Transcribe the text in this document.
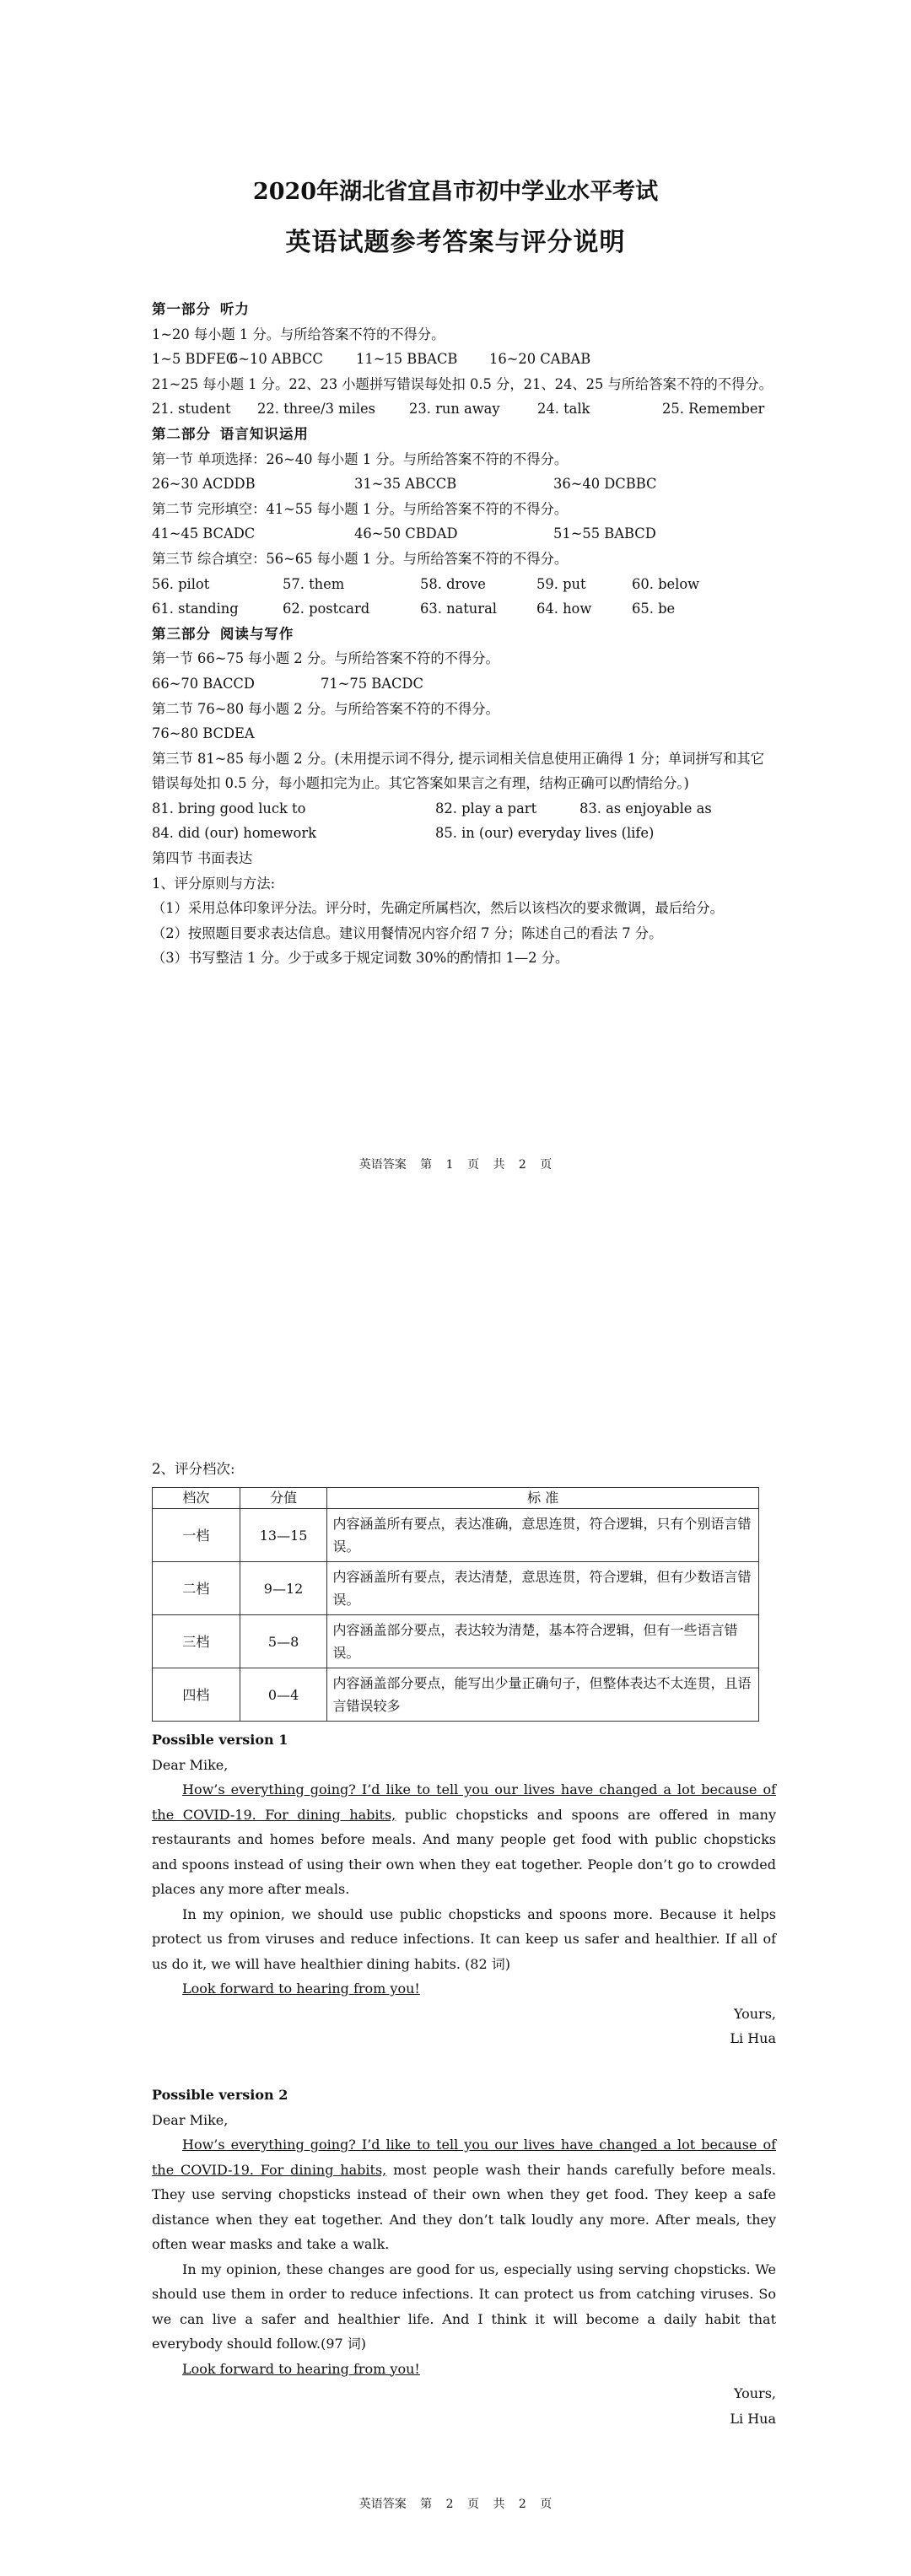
2020年湖北省宜昌市初中学业水平考试
英语试题参考答案与评分说明
第一部分 听力
1~20 每小题 1 分。与所给答案不符的不得分。
1~5 BDFEC
6~10 ABBCC	11~15 BBACB	16~20 CABAB
21~25 每小题 1 分。22、23 小题拼写错误每处扣 0.5 分，21、24、25 与所给答案不符的不得分。
21. student	22. three/3 miles	23. run away	24. talk	25. Remember
第二部分 语言知识运用
第一节 单项选择：26~40 每小题 1 分。与所给答案不符的不得分。
26~30 ACDDB	31~35 ABCCB	36~40 DCBBC
第二节 完形填空：41~55 每小题 1 分。与所给答案不符的不得分。
41~45 BCADC	46~50 CBDAD	51~55 BABCD
第三节 综合填空：56~65 每小题 1 分。与所给答案不符的不得分。
56. pilot	57. them	58. drove	59. put	60. below
61. standing	62. postcard	63. natural	64. how	65. be
第三部分 阅读与写作
第一节 66~75 每小题 2 分。与所给答案不符的不得分。
66~70 BACCD	71~75 BACDC
第二节 76~80 每小题 2 分。与所给答案不符的不得分。
76~80 BCDEA
第三节 81~85 每小题 2 分。(未用提示词不得分, 提示词相关信息使用正确得 1 分；单词拼写和其它错误每处扣 0.5 分，每小题扣完为止。其它答案如果言之有理，结构正确可以酌情给分。)
81. bring good luck to	82. play a part	83. as enjoyable as
84. did (our) homework	85. in (our) everyday lives (life)
第四节 书面表达
1、评分原则与方法:
（1）采用总体印象评分法。评分时，先确定所属档次，然后以该档次的要求微调，最后给分。
（2）按照题目要求表达信息。建议用餐情况内容介绍 7 分；陈述自己的看法 7 分。
（3）书写整洁 1 分。少于或多于规定词数 30%的酌情扣 1—2 分。
英语答案 第 1 页 共 2 页
2、评分档次:
档次	分值	标 准
一档	13—15	内容涵盖所有要点，表达准确，意思连贯，符合逻辑，只有个别语言错误。
二档	9—12	内容涵盖所有要点，表达清楚，意思连贯，符合逻辑，但有少数语言错误。
三档	5—8	内容涵盖部分要点，表达较为清楚，基本符合逻辑，但有一些语言错误。
四档	0—4	内容涵盖部分要点，能写出少量正确句子，但整体表达不太连贯，且语言错误较多
Possible version 1
Dear Mike,

How’s everything going? I’d like to tell you our lives have changed a lot because of the COVID-19. For dining habits, public chopsticks and spoons are offered in many restaurants and homes before meals. And many people get food with public chopsticks and spoons instead of using their own when they eat together. People don’t go to crowded places any more after meals.

In my opinion, we should use public chopsticks and spoons more. Because it helps protect us from viruses and reduce infections. It can keep us safer and healthier. If all of us do it, we will have healthier dining habits. (82 词)

Look forward to hearing from you!

Yours,
Li Hua
Possible version 2
Dear Mike,

How’s everything going? I’d like to tell you our lives have changed a lot because of the COVID-19. For dining habits, most people wash their hands carefully before meals. They use serving chopsticks instead of their own when they get food. They keep a safe distance when they eat together. And they don’t talk loudly any more. After meals, they often wear masks and take a walk.

In my opinion, these changes are good for us, especially using serving chopsticks. We should use them in order to reduce infections. It can protect us from catching viruses. So we can live a safer and healthier life. And I think it will become a daily habit that everybody should follow.(97 词)

Look forward to hearing from you!

Yours,
Li Hua
英语答案 第 2 页 共 2 页
